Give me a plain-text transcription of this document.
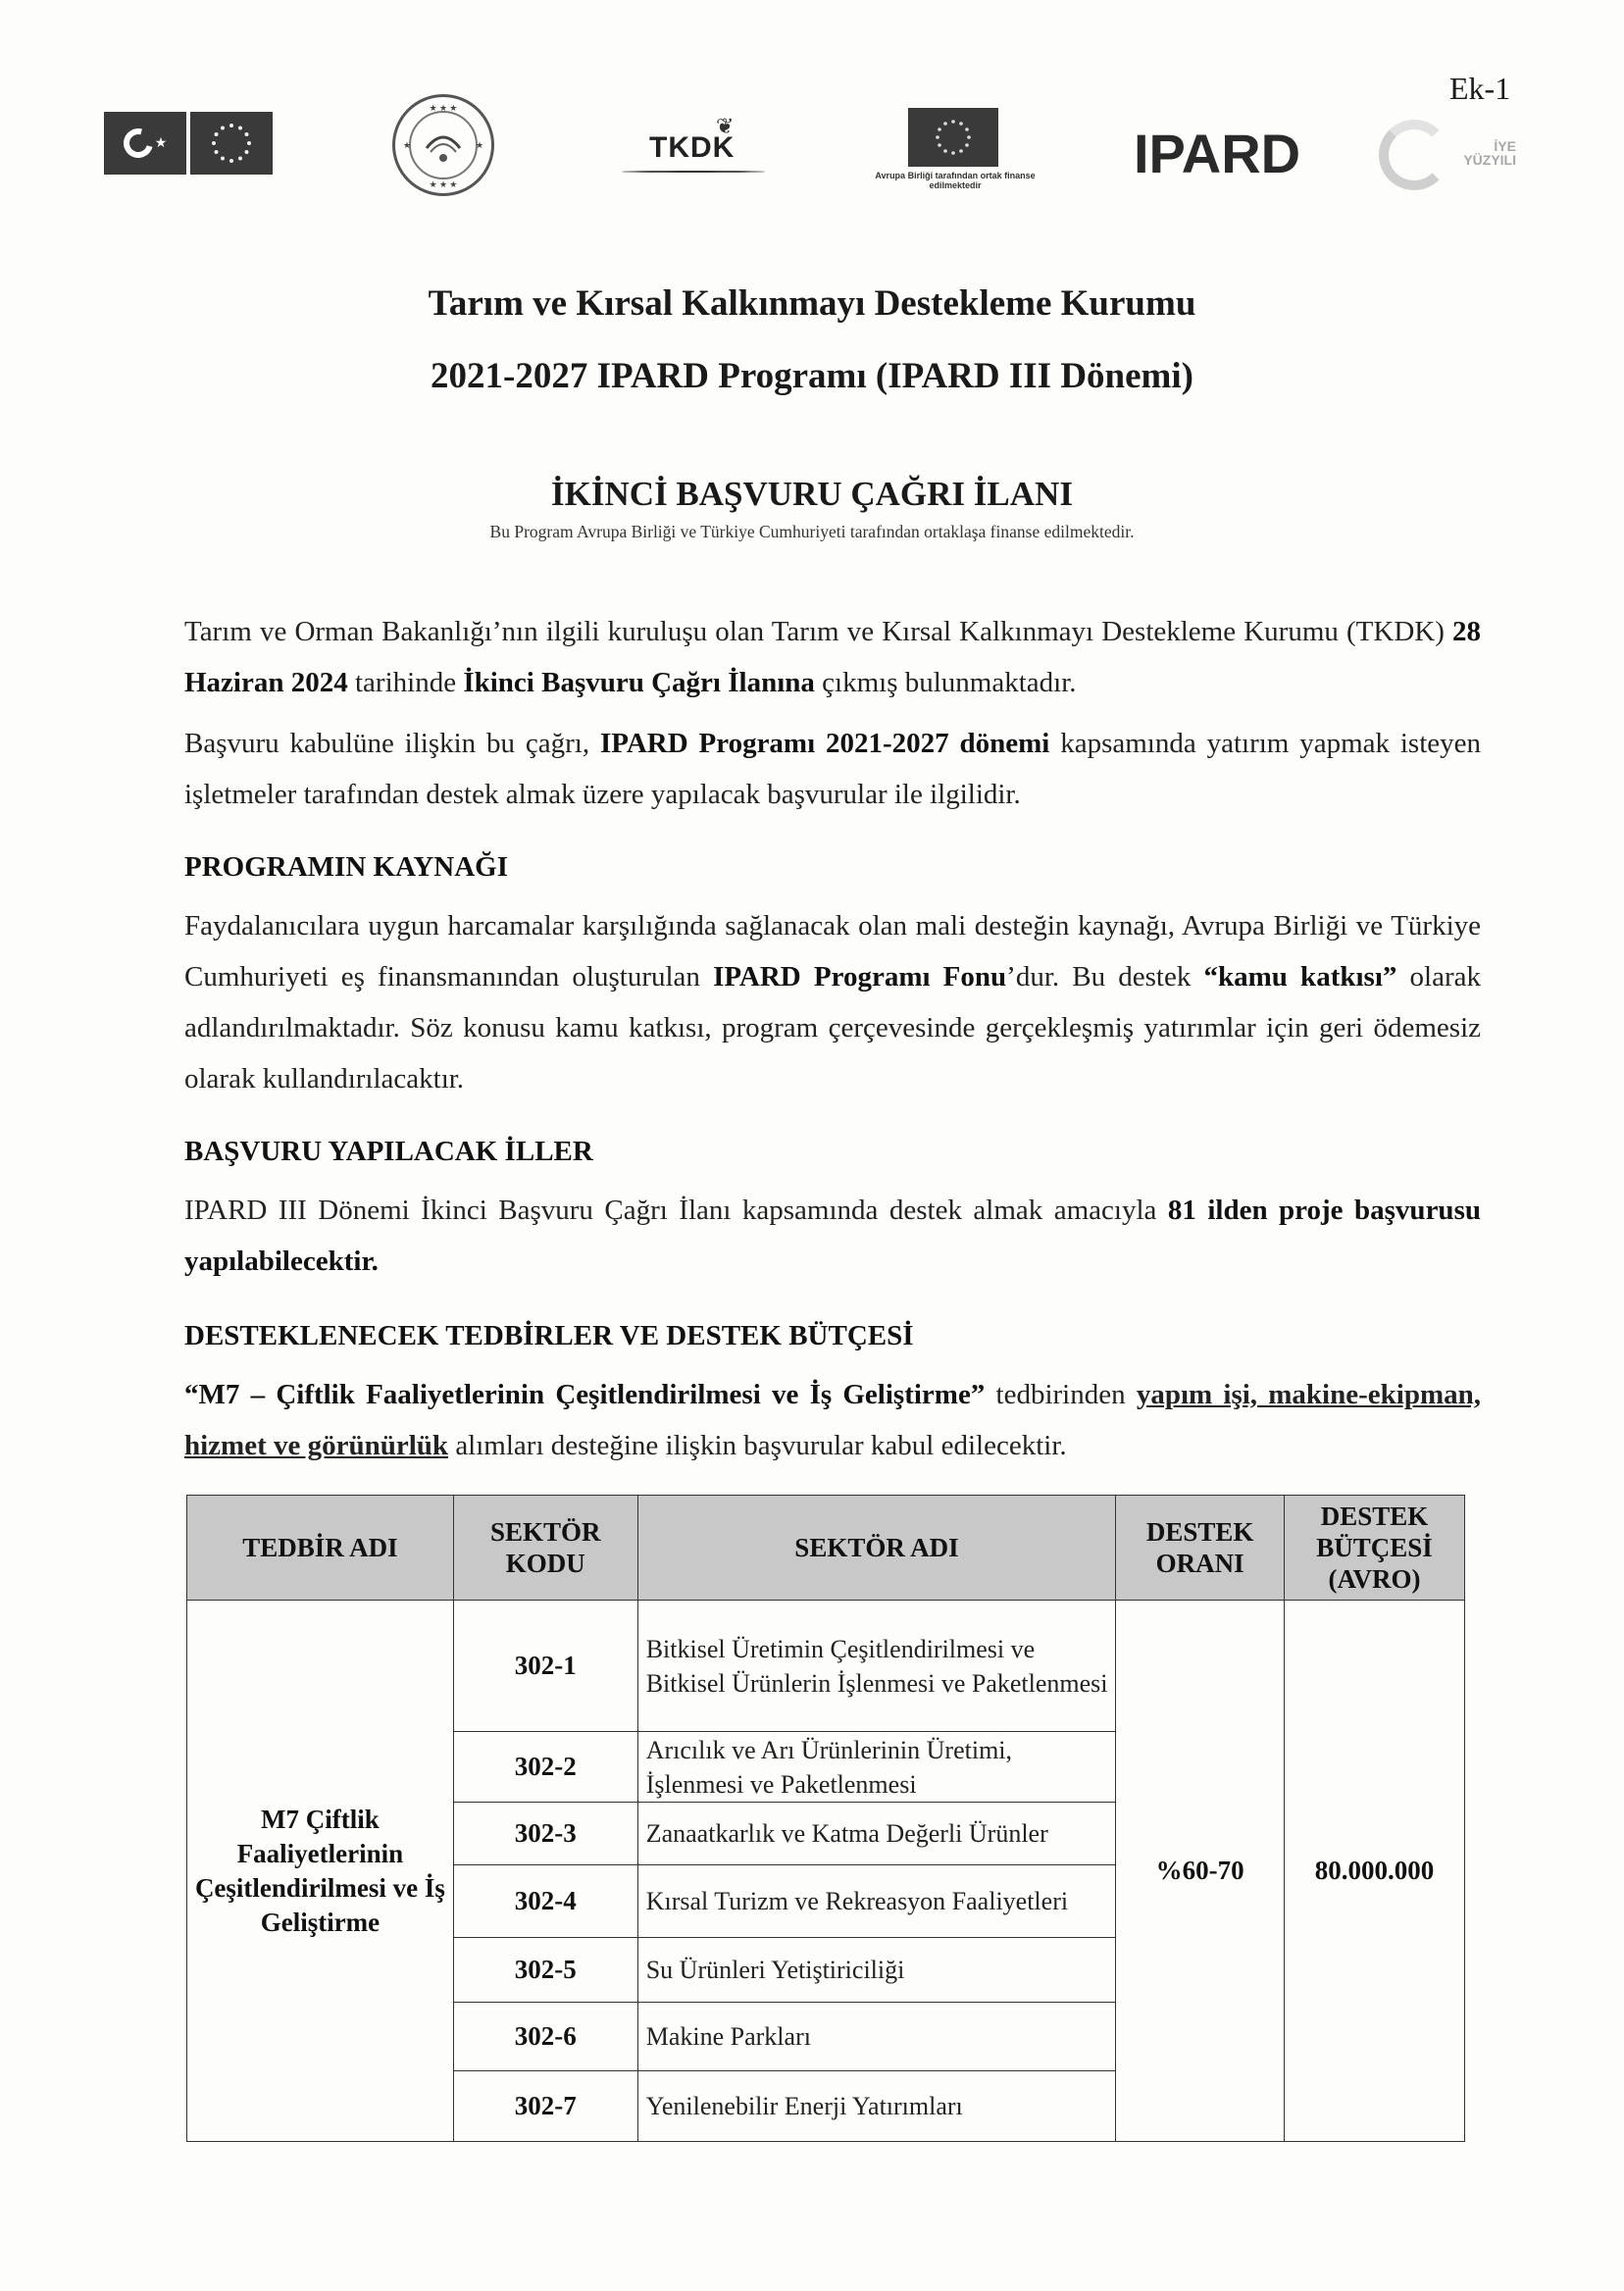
Ek-1
★
★ ★ ★
★ ★ ★
★	★
❦
TKDK
Avrupa Birliği tarafından ortak finanse edilmektedir
IPARD	İYE
YÜZYILI
Tarım ve Kırsal Kalkınmayı Destekleme Kurumu
2021-2027 IPARD Programı (IPARD III Dönemi)
İKİNCİ BAŞVURU ÇAĞRI İLANI
Bu Program Avrupa Birliği ve Türkiye Cumhuriyeti tarafından ortaklaşa finanse edilmektedir.
Tarım ve Orman Bakanlığı’nın ilgili kuruluşu olan Tarım ve Kırsal Kalkınmayı Destekleme Kurumu (TKDK) 28 Haziran 2024 tarihinde İkinci Başvuru Çağrı İlanına çıkmış bulunmaktadır.
Başvuru kabulüne ilişkin bu çağrı, IPARD Programı 2021-2027 dönemi kapsamında yatırım yapmak isteyen işletmeler tarafından destek almak üzere yapılacak başvurular ile ilgilidir.
PROGRAMIN KAYNAĞI
Faydalanıcılara uygun harcamalar karşılığında sağlanacak olan mali desteğin kaynağı, Avrupa Birliği ve Türkiye Cumhuriyeti eş finansmanından oluşturulan IPARD Programı Fonu’dur. Bu destek “kamu katkısı” olarak adlandırılmaktadır. Söz konusu kamu katkısı, program çerçevesinde gerçekleşmiş yatırımlar için geri ödemesiz olarak kullandırılacaktır.
BAŞVURU YAPILACAK İLLER
IPARD III Dönemi İkinci Başvuru Çağrı İlanı kapsamında destek almak amacıyla 81 ilden proje başvurusu yapılabilecektir.
DESTEKLENECEK TEDBİRLER VE DESTEK BÜTÇESİ
“M7 – Çiftlik Faaliyetlerinin Çeşitlendirilmesi ve İş Geliştirme” tedbirinden yapım işi, makine-ekipman, hizmet ve görünürlük alımları desteğine ilişkin başvurular kabul edilecektir.
TEDBİR ADI	SEKTÖR KODU	SEKTÖR ADI	DESTEK ORANI	DESTEK BÜTÇESİ (AVRO)
M7 Çiftlik Faaliyetlerinin Çeşitlendirilmesi ve İş Geliştirme	302-1	Bitkisel Üretimin Çeşitlendirilmesi ve Bitkisel Ürünlerin İşlenmesi ve Paketlenmesi	%60-70	80.000.000
	302-2	Arıcılık ve Arı Ürünlerinin Üretimi, İşlenmesi ve Paketlenmesi		
	302-3	Zanaatkarlık ve Katma Değerli Ürünler		
	302-4	Kırsal Turizm ve Rekreasyon Faaliyetleri		
	302-5	Su Ürünleri Yetiştiriciliği		
	302-6	Makine Parkları		
	302-7	Yenilenebilir Enerji Yatırımları		
